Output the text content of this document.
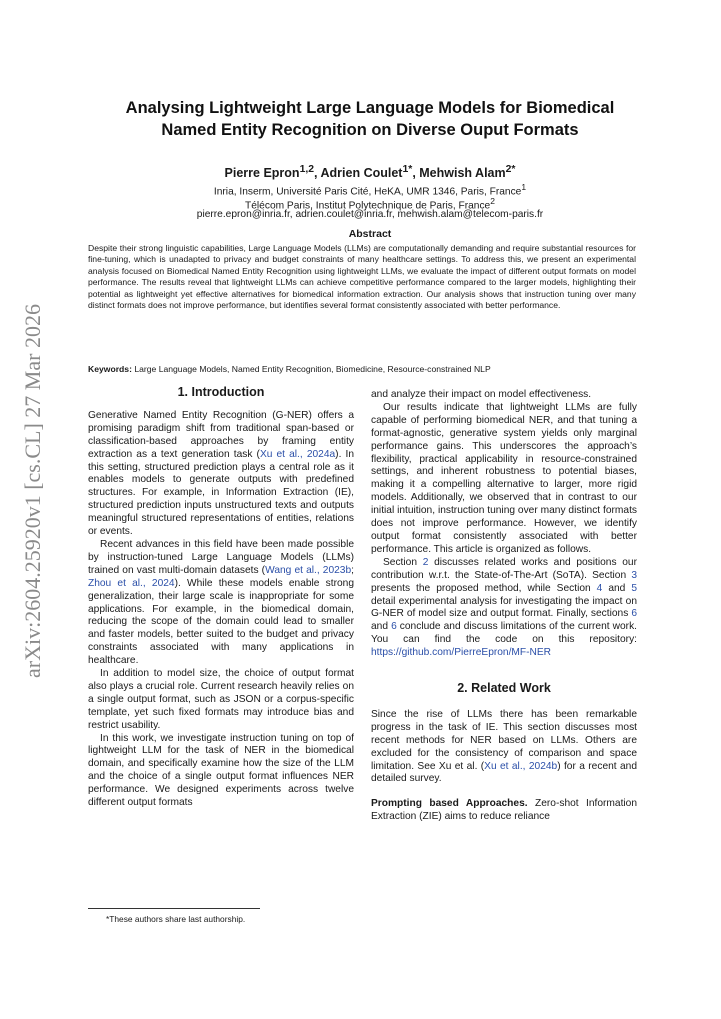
arXiv:2604.25920v1 [cs.CL] 27 Mar 2026
Analysing Lightweight Large Language Models for Biomedical
Named Entity Recognition on Diverse Ouput Formats
Pierre Epron$^{1,2}$, Adrien Coulet$^{1*}$, Mehwish Alam$^{2*}$
Inria, Inserm, Université Paris Cité, HeKA, UMR 1346, Paris, France$^1$
Télécom Paris, Institut Polytechnique de Paris, France$^2$
pierre.epron@inria.fr, adrien.coulet@inria.fr, mehwish.alam@telecom-paris.fr
Abstract
Despite their strong linguistic capabilities, Large Language Models (LLMs) are computationally demanding and require substantial resources for fine-tuning, which is unadapted to privacy and budget constraints of many healthcare settings. To address this, we present an experimental analysis focused on Biomedical Named Entity Recognition using lightweight LLMs, we evaluate the impact of different output formats on model performance. The results reveal that lightweight LLMs can achieve competitive performance compared to the larger models, highlighting their potential as lightweight yet effective alternatives for biomedical information extraction. Our analysis shows that instruction tuning over many distinct formats does not improve performance, but identifies several format consistently associated with better performance.
Keywords: Large Language Models, Named Entity Recognition, Biomedicine, Resource-constrained NLP
1. Introduction

Generative Named Entity Recognition (G-NER) offers a promising paradigm shift from traditional span-based or classification-based approaches by framing entity extraction as a text generation task (Xu et al., 2024a). In this setting, structured prediction plays a central role as it enables models to generate outputs with predefined structures. For example, in Information Extraction (IE), structured prediction inputs unstructured texts and outputs meaningful structured representations of entities, relations or events.

Recent advances in this field have been made possible by instruction-tuned Large Language Models (LLMs) trained on vast multi-domain datasets (Wang et al., 2023b; Zhou et al., 2024). While these models enable strong generalization, their large scale is inappropriate for some applications. For example, in the biomedical domain, reducing the scope of the domain could lead to smaller and faster models, better suited to the budget and privacy constraints associated with many applications in healthcare.

In addition to model size, the choice of output format also plays a crucial role. Current research heavily relies on a single output format, such as JSON or a corpus-specific template, yet such fixed formats may introduce bias and restrict usability.

In this work, we investigate instruction tuning on top of lightweight LLM for the task of NER in the biomedical domain, and specifically examine how the size of the LLM and the choice of a single output format influences NER performance. We designed experiments across twelve different output formats

*These authors share last authorship.

and analyze their impact on model effectiveness.

Our results indicate that lightweight LLMs are fully capable of performing biomedical NER, and that tuning a format-agnostic, generative system yields only marginal performance gains. This underscores the approach’s flexibility, practical applicability in resource-constrained settings, and inherent robustness to potential biases, making it a compelling alternative to larger, more rigid models. Additionally, we observed that in contrast to our initial intuition, instruction tuning over many distinct formats does not improve performance. However, we identify output format consistently associated with better performance. This article is organized as follows.

Section 2 discusses related works and positions our contribution w.r.t. the State-of-The-Art (SoTA). Section 3 presents the proposed method, while Section 4 and 5 detail experimental analysis for investigating the impact on G-NER of model size and output format. Finally, sections 6 and 6 conclude and discuss limitations of the current work. You can find the code on this repository: https://github.com/PierreEpron/MF-NER

2. Related Work

Since the rise of LLMs there has been remarkable progress in the task of IE. This section discusses most recent methods for NER based on LLMs. Others are excluded for the consistency of comparison and space limitation. See Xu et al. (Xu et al., 2024b) for a recent and detailed survey.

Prompting based Approaches. Zero-shot Information Extraction (ZIE) aims to reduce reliance
